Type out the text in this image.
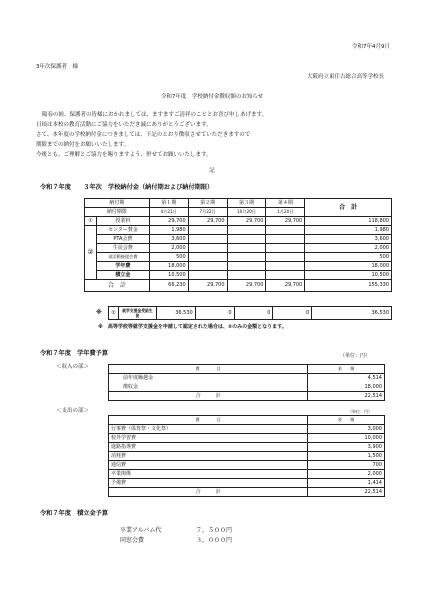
令和7年4月9日
3年次保護者　様
大阪府立東住吉総合高等学校長
令和7年度　学校納付金徴収額のお知らせ
陽春の候、保護者の皆様におかれましては、ますますご清祥のこととお喜び申しあげます。
日頃は本校の教育活動にご協力をいただき誠にありがとうございます。
さて、本年度の学校納付金につきましては、下記のとおり徴収させていただきますので
期限までの納付をお願いいたします。
今後とも、ご理解とご協力を賜りますよう、併せてお願いいたします。
記
令和７年度　　３年次　学校納付金（納付期および納付期限）
納付期		第１期	第２期	第３期	第４期	合　計
納付期限		4月21日	7月22日	10月20日	1月20日	
①	授業料	29,700	29,700	29,700	29,700	118,800
②	センター賛金	1,980				1,980
	PTA会費	3,600				3,600
	生徒会費	2,000				2,000
	部活動後援会費	500				500
	学年費	18,000				18,000
	積立金	10,500				10,500
合　計		66,230	29,700	29,700	29,700	155,330
※ ②	就学支援金受給生徒	36,530	0	0	0	36,530
※　高等学校等就学支援金を申請して認定された場合は、②のみの金額となります。
令和７年度　学年費予算	（単位：円）
＜収入の部＞	費　　　　目	金　　額
前年度繰越金	4,514
徴収金	18,000
合　　　計	22,514
＜支出の部＞	（単位：円）
費　　　　目	金　　額
行事費（体育祭・文化祭）	3,000
校外学習費	10,000
進路指導費	3,900
消耗費	1,500
通信費	700
卒業関係	2,000
予備費	1,414
合　　　計	22,514
令和７年度　積立金予算
卒業アルバム代	７，５００円
同窓会費	３，０００円
